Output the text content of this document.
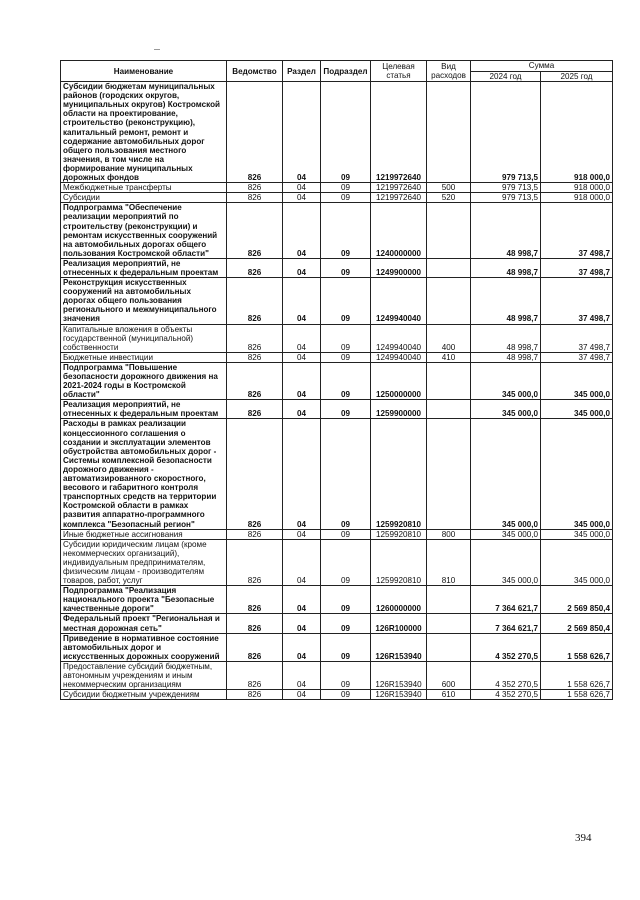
Наименование	Ведомство	Раздел	Подраздел	Целевая статья	Вид расходов	Сумма	
						2024 год	2025 год
Субсидии бюджетам муниципальных районов (городских округов, муниципальных округов) Костромской области на проектирование, строительство (реконструкцию), капитальный ремонт, ремонт и содержание автомобильных дорог общего пользования местного значения, в том числе на формирование муниципальных дорожных фондов	826	04	09	1219972640		979 713,5	918 000,0
Межбюджетные трансферты	826	04	09	1219972640	500	979 713,5	918 000,0
Субсидии	826	04	09	1219972640	520	979 713,5	918 000,0
Подпрограмма "Обеспечение реализации мероприятий по строительству (реконструкции) и ремонтам искусственных сооружений на автомобильных дорогах общего пользования Костромской области"	826	04	09	1240000000		48 998,7	37 498,7
Реализация мероприятий, не отнесенных к федеральным проектам	826	04	09	1249900000		48 998,7	37 498,7
Реконструкция искусственных сооружений на автомобильных дорогах общего пользования регионального и межмуниципального значения	826	04	09	1249940040		48 998,7	37 498,7
Капитальные вложения в объекты государственной (муниципальной) собственности	826	04	09	1249940040	400	48 998,7	37 498,7
Бюджетные инвестиции	826	04	09	1249940040	410	48 998,7	37 498,7
Подпрограмма "Повышение безопасности дорожного движения на 2021-2024 годы в Костромской области"	826	04	09	1250000000		345 000,0	345 000,0
Реализация мероприятий, не отнесенных к федеральным проектам	826	04	09	1259900000		345 000,0	345 000,0
Расходы в рамках реализации концессионного соглашения о создании и эксплуатации элементов обустройства автомобильных дорог - Системы комплексной безопасности дорожного движения - автоматизированного скоростного, весового и габаритного контроля транспортных средств на территории Костромской области в рамках развития аппаратно-программного комплекса "Безопасный регион"	826	04	09	1259920810		345 000,0	345 000,0
Иные бюджетные ассигнования	826	04	09	1259920810	800	345 000,0	345 000,0
Субсидии юридическим лицам (кроме некоммерческих организаций), индивидуальным предпринимателям, физическим лицам - производителям товаров, работ, услуг	826	04	09	1259920810	810	345 000,0	345 000,0
Подпрограмма "Реализация национального проекта "Безопасные качественные дороги"	826	04	09	1260000000		7 364 621,7	2 569 850,4
Федеральный проект "Региональная и местная дорожная сеть"	826	04	09	126R100000		7 364 621,7	2 569 850,4
Приведение в нормативное состояние автомобильных дорог и искусственных дорожных сооружений	826	04	09	126R153940		4 352 270,5	1 558 626,7
Предоставление субсидий бюджетным, автономным учреждениям и иным некоммерческим организациям	826	04	09	126R153940	600	4 352 270,5	1 558 626,7
Субсидии бюджетным учреждениям	826	04	09	126R153940	610	4 352 270,5	1 558 626,7
394
